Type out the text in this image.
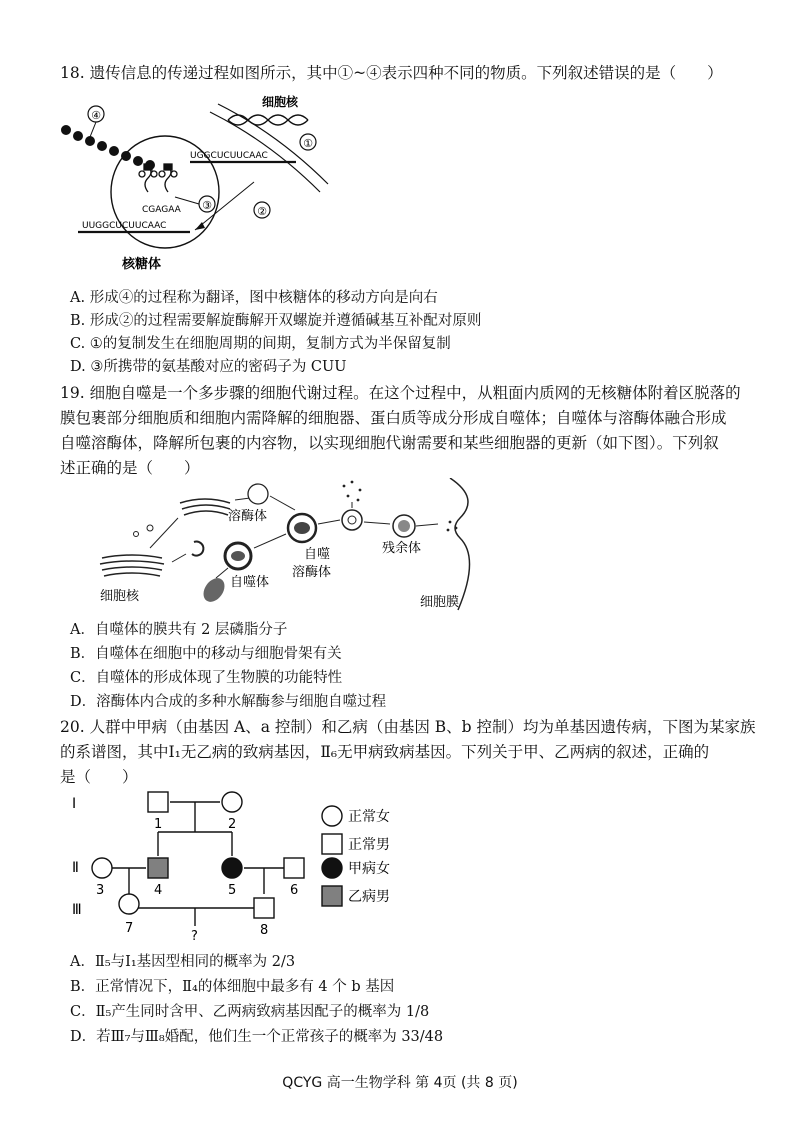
18. 遗传信息的传递过程如图所示，其中①~④表示四种不同的物质。下列叙述错误的是（　　）
④
CGAGAA
UUGGCUCUUCAAC
核糖体
③
细胞核
①
UGGCUCUUCAAC
②
A. 形成④的过程称为翻译，图中核糖体的移动方向是向右
B. 形成②的过程需要解旋酶解开双螺旋并遵循碱基互补配对原则
C. ①的复制发生在细胞周期的间期，复制方式为半保留复制
D. ③所携带的氨基酸对应的密码子为 CUU
19. 细胞自噬是一个多步骤的细胞代谢过程。在这个过程中，从粗面内质网的无核糖体附着区脱落的
膜包裹部分细胞质和细胞内需降解的细胞器、蛋白质等成分形成自噬体；自噬体与溶酶体融合形成
自噬溶酶体，降解所包裹的内容物，以实现细胞代谢需要和某些细胞器的更新（如下图）。下列叙
述正确的是（　　）
细胞核
溶酶体
自噬体
自噬
溶酶体
残余体
细胞膜
A．自噬体的膜共有 2 层磷脂分子
B．自噬体在细胞中的移动与细胞骨架有关
C．自噬体的形成体现了生物膜的功能特性
D．溶酶体内合成的多种水解酶参与细胞自噬过程
20. 人群中甲病（由基因 A、a 控制）和乙病（由基因 B、b 控制）均为单基因遗传病，下图为某家族
的系谱图，其中Ⅰ₁无乙病的致病基因，Ⅱ₆无甲病致病基因。下列关于甲、乙两病的叙述，正确的
是（　　）
Ⅰ
Ⅱ
Ⅲ
1	2
3	4	5	6
7	8
?
正常女
正常男
甲病女
乙病男
A．Ⅱ₅与Ⅰ₁基因型相同的概率为 2/3
B．正常情况下，Ⅱ₄的体细胞中最多有 4 个 b 基因
C．Ⅱ₅产生同时含甲、乙两病致病基因配子的概率为 1/8
D．若Ⅲ₇与Ⅲ₈婚配，他们生一个正常孩子的概率为 33/48
QCYG 高一生物学科 第 4页 (共 8 页)
